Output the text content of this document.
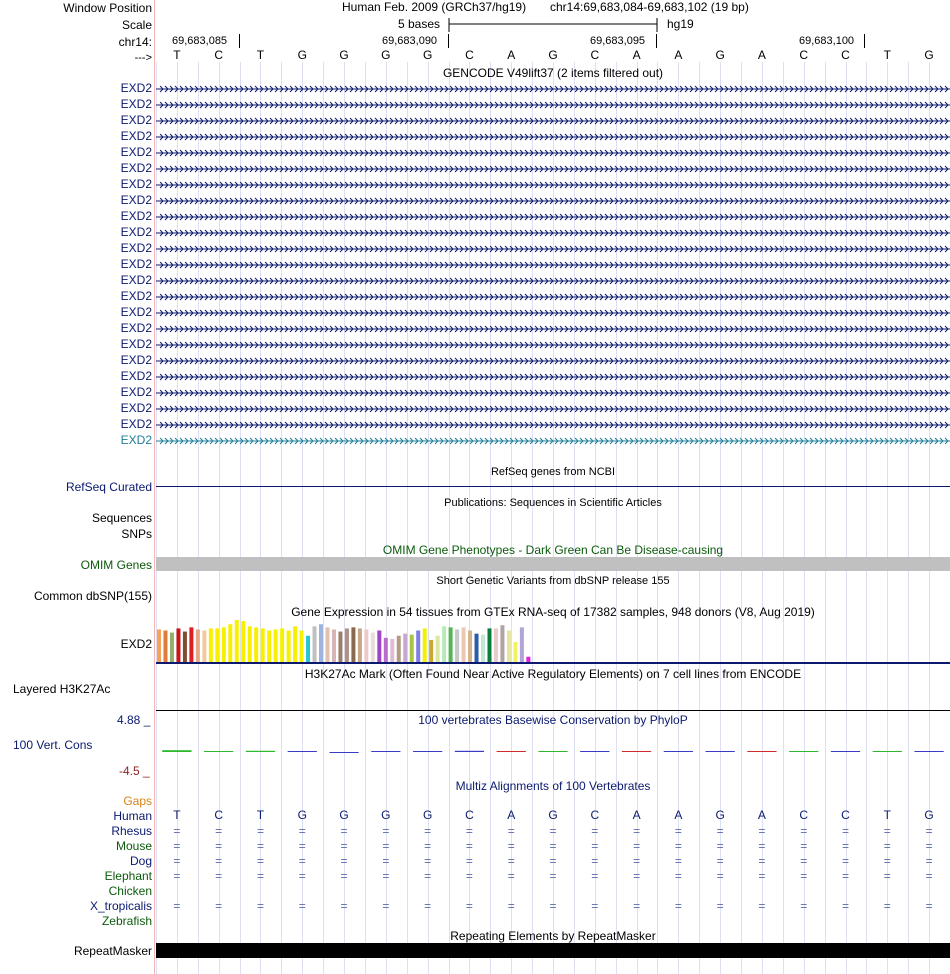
Window Position	Human Feb. 2009 (GRCh37/hg19) chr14:69,683,084-69,683,102 (19 bp)
Scale	5 bases	hg19
chr14: 69,683,085	69,683,090	69,683,095	69,683,100
---> T	C	T	G	G	G	G	C	A	G	C	A	A	G	A	C	C	T	G
GENCODE V49lift37 (2 items filtered out)
EXD2
EXD2
EXD2
EXD2
EXD2
EXD2
EXD2
EXD2
EXD2
EXD2
EXD2
EXD2
EXD2
EXD2
EXD2
EXD2
EXD2
EXD2
EXD2
EXD2
EXD2
EXD2
EXD2
RefSeq genes from NCBI
RefSeq Curated
Publications: Sequences in Scientific Articles
Sequences
SNPs
OMIM Gene Phenotypes - Dark Green Can Be Disease-causing
OMIM Genes
Short Genetic Variants from dbSNP release 155
Common dbSNP(155)
Gene Expression in 54 tissues from GTEx RNA-seq of 17382 samples, 948 donors (V8, Aug 2019)
EXD2
H3K27Ac Mark (Often Found Near Active Regulatory Elements) on 7 cell lines from ENCODE
Layered H3K27Ac
4.88 _	100 vertebrates Basewise Conservation by PhyloP
100 Vert. Cons
-4.5 _
Multiz Alignments of 100 Vertebrates
Gaps
Human T	C	T	G	G	G	G	C	A	G	C	A	A	G	A	C	C	T	G
Rhesus =	=	=	=	=	=	=	=	=	=	=	=	=	=	=	=	=	=	=
Mouse =	=	=	=	=	=	=	=	=	=	=	=	=	=	=	=	=	=	=
Dog =	=	=	=	=	=	=	=	=	=	=	=	=	=	=	=	=	=	=
Elephant =	=	=	=	=	=	=	=	=	=	=	=	=	=	=	=	=	=	=
Chicken
X_tropicalis =	=	=	=	=	=	=	=	=	=	=	=	=	=	=	=	=	=	=
Zebrafish
Repeating Elements by RepeatMasker
RepeatMasker
